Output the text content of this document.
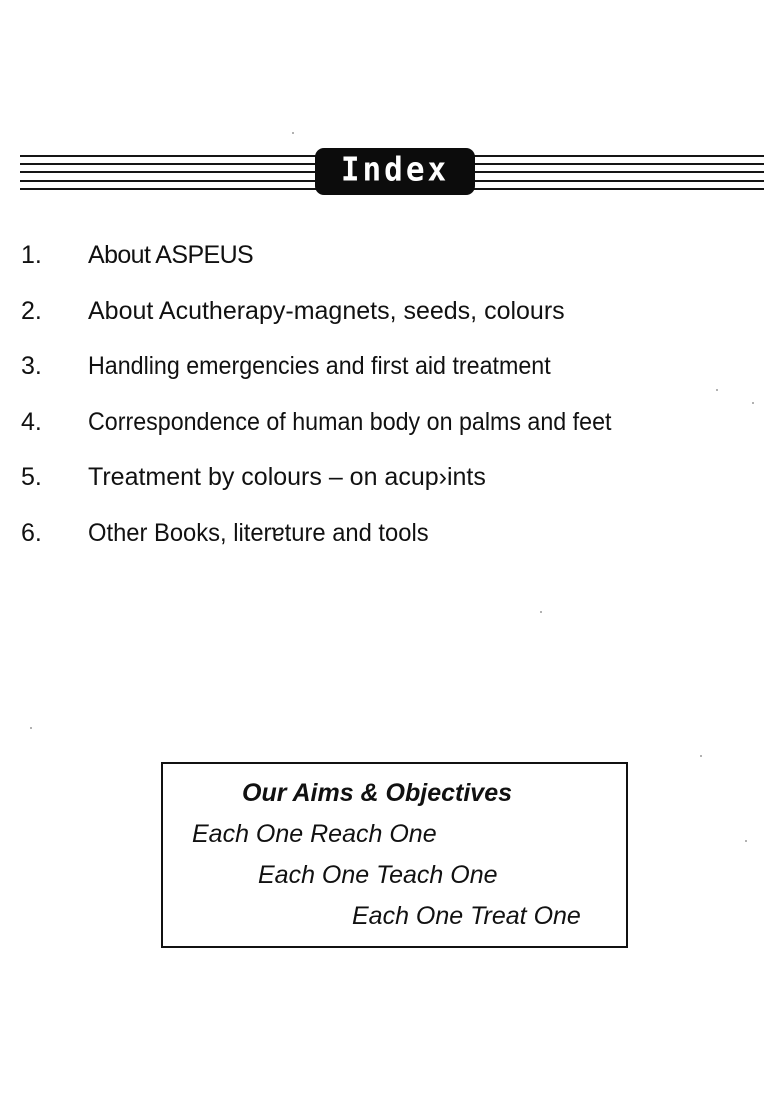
Index
1. About ASPEUS
2. About Acutherapy-magnets, seeds, colours
3. Handling emergencies and first aid treatment
4. Correspondence of human body on palms and feet
5. Treatment by colours – on acup›ints
6. Other Books, literɐture and tools
Our Aims & Objectives
Each One Reach One
Each One Teach One
Each One Treat One
